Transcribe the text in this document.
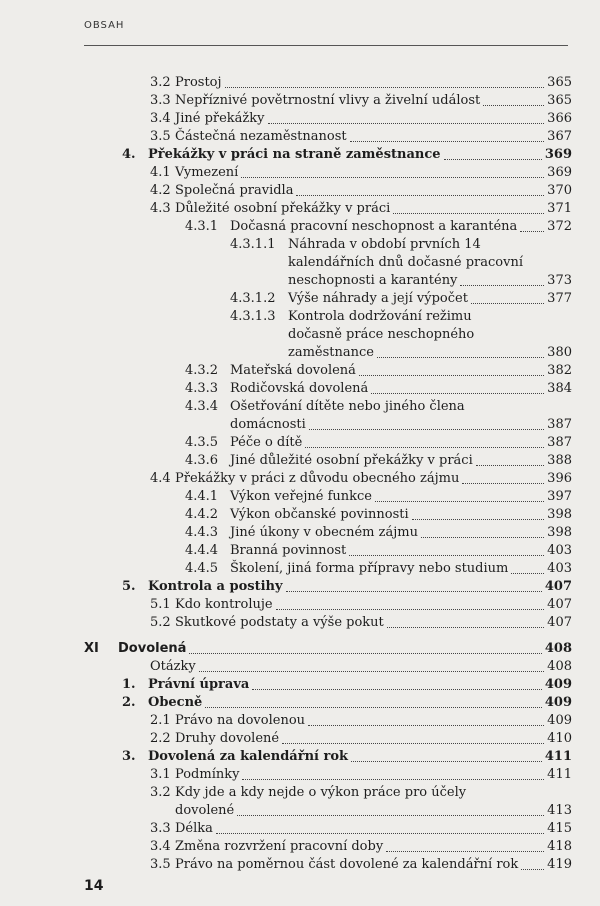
OBSAH
3.2 Prostoj	365
3.3 Nepříznivé povětrnostní vlivy a živelní událost	365
3.4 Jiné překážky	366
3.5 Částečná nezaměstnanost	367
4. Překážky v práci na straně zaměstnance	369
4.1 Vymezení	369
4.2 Společná pravidla	370
4.3 Důležité osobní překážky v práci	371
4.3.1 Dočasná pracovní neschopnost a karanténa 372
4.3.1.1 Náhrada v období prvních 14
kalendářních dnů dočasné pracovní
neschopnosti a karantény	373
4.3.1.2 Výše náhrady a její výpočet	377
4.3.1.3 Kontrola dodržování režimu
dočasně práce neschopného
zaměstnance	380
4.3.2 Mateřská dovolená	382
4.3.3 Rodičovská dovolená	384
4.3.4 Ošetřování dítěte nebo jiného člena
domácnosti	387
4.3.5 Péče o dítě	387
4.3.6 Jiné důležité osobní překážky v práci	388
4.4 Překážky v práci z důvodu obecného zájmu	396
4.4.1 Výkon veřejné funkce	397
4.4.2 Výkon občanské povinnosti	398
4.4.3 Jiné úkony v obecném zájmu	398
4.4.4 Branná povinnost	403
4.4.5 Školení, jiná forma přípravy nebo studium	403
5. Kontrola a postihy	407
5.1 Kdo kontroluje	407
5.2 Skutkové podstaty a výše pokut	407
XI Dovolená	408
Otázky	408
1. Právní úprava	409
2. Obecně	409
2.1 Právo na dovolenou	409
2.2 Druhy dovolené	410
3. Dovolená za kalendářní rok	411
3.1 Podmínky	411
3.2 Kdy jde a kdy nejde o výkon práce pro účely
dovolené	413
3.3 Délka	415
3.4 Změna rozvržení pracovní doby	418
3.5 Právo na poměrnou část dovolené za kalendářní rok 419
14
